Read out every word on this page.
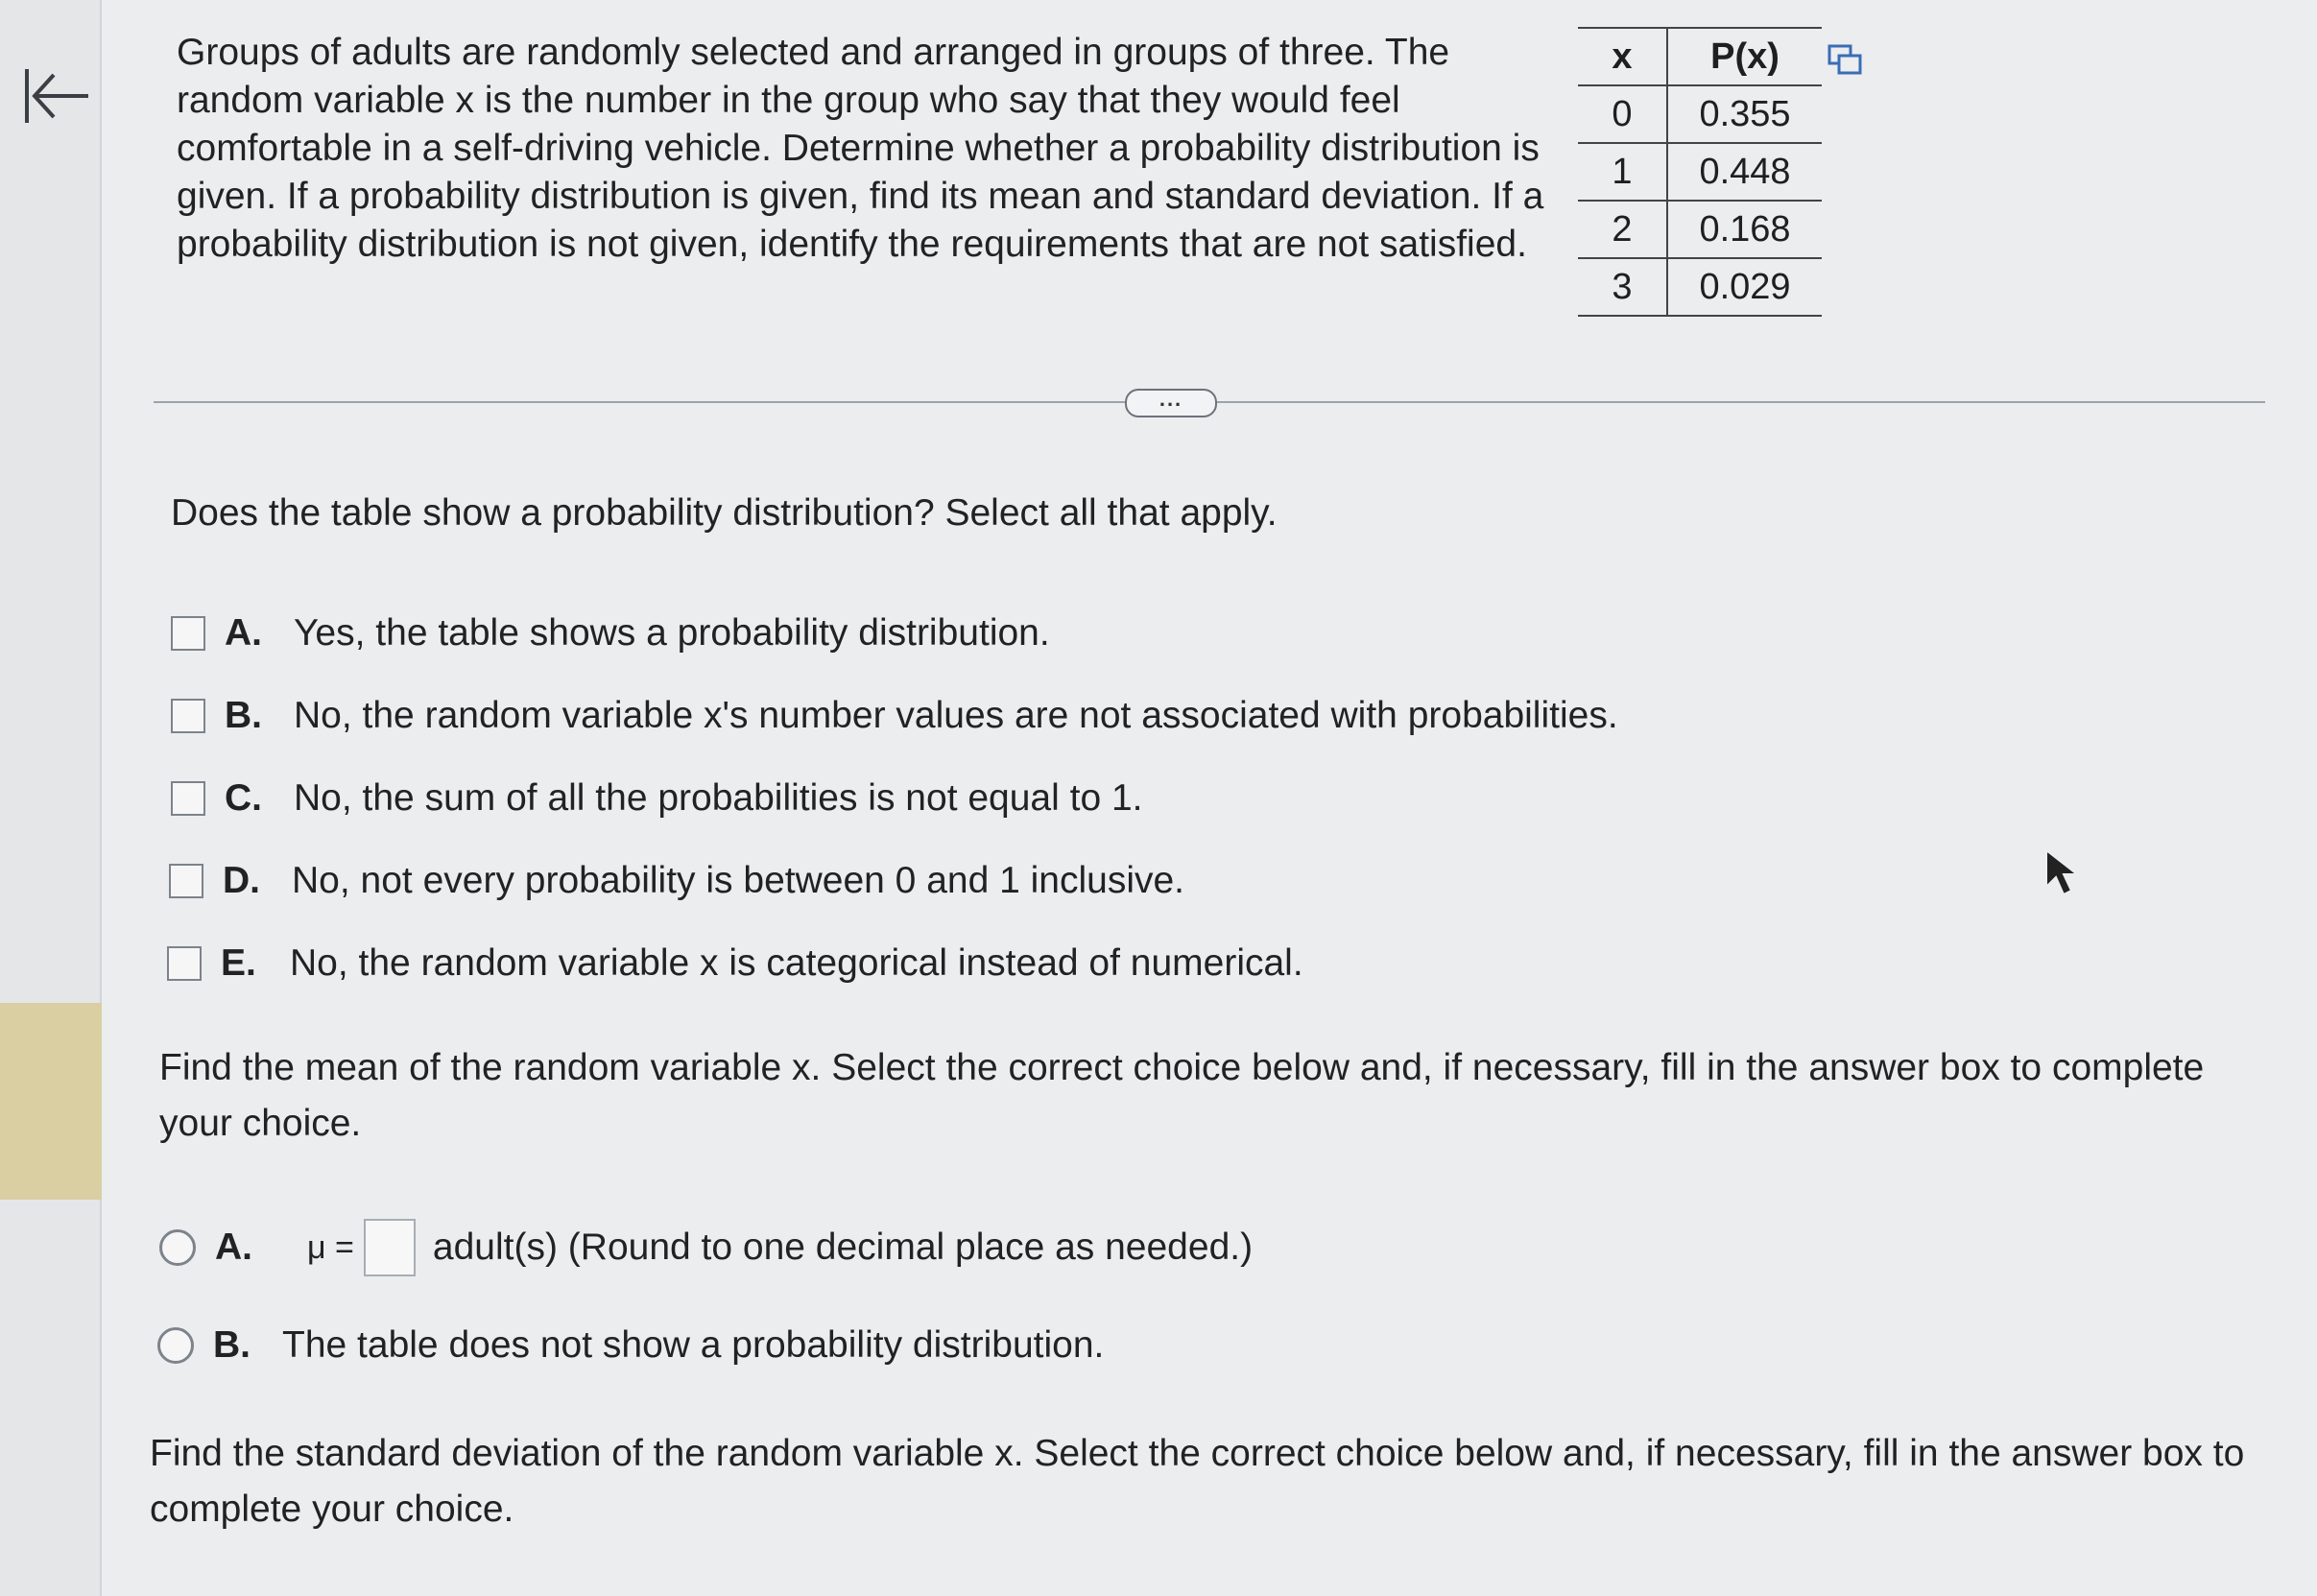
Groups of adults are randomly selected and arranged in groups of three. The random variable x is the number in the group who say that they would feel comfortable in a self-driving vehicle. Determine whether a probability distribution is given. If a probability distribution is given, find its mean and standard deviation. If a probability distribution is not given, identify the requirements that are not satisfied.
x	P(x)
0	0.355
1	0.448
2	0.168
3	0.029
...
Does the table show a probability distribution? Select all that apply.
A. Yes, the table shows a probability distribution.
B. No, the random variable x's number values are not associated with probabilities.
C. No, the sum of all the probabilities is not equal to 1.
D. No, not every probability is between 0 and 1 inclusive.
E. No, the random variable x is categorical instead of numerical.
Find the mean of the random variable x. Select the correct choice below and, if necessary, fill in the answer box to complete your choice.
A.	μ = adult(s) (Round to one decimal place as needed.)
B. The table does not show a probability distribution.
Find the standard deviation of the random variable x. Select the correct choice below and, if necessary, fill in the answer box to complete your choice.
